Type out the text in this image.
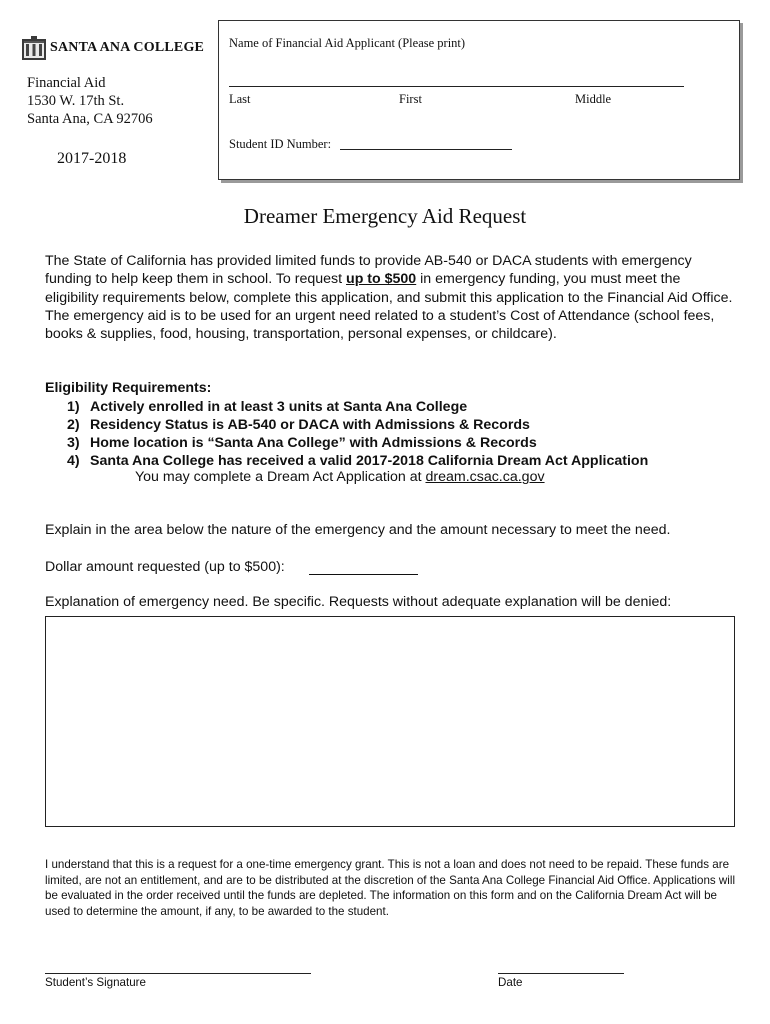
SANTA ANA COLLEGE
Financial Aid
1530 W. 17th St.
Santa Ana, CA 92706
2017-2018
Name of Financial Aid Applicant (Please print)
Last	First	Middle
Student ID Number:
Dreamer Emergency Aid Request
The State of California has provided limited funds to provide AB-540 or DACA students with emergency funding to help keep them in school. To request up to $500 in emergency funding, you must meet the eligibility requirements below, complete this application, and submit this application to the Financial Aid Office. The emergency aid is to be used for an urgent need related to a student’s Cost of Attendance (school fees, books & supplies, food, housing, transportation, personal expenses, or childcare).
Eligibility Requirements:
1) Actively enrolled in at least 3 units at Santa Ana College
2) Residency Status is AB-540 or DACA with Admissions & Records
3) Home location is “Santa Ana College” with Admissions & Records
4) Santa Ana College has received a valid 2017-2018 California Dream Act Application
You may complete a Dream Act Application at dream.csac.ca.gov
Explain in the area below the nature of the emergency and the amount necessary to meet the need.
Dollar amount requested (up to $500):
Explanation of emergency need. Be specific. Requests without adequate explanation will be denied:
I understand that this is a request for a one-time emergency grant. This is not a loan and does not need to be repaid. These funds are limited, are not an entitlement, and are to be distributed at the discretion of the Santa Ana College Financial Aid Office. Applications will be evaluated in the order received until the funds are depleted. The information on this form and on the California Dream Act will be used to determine the amount, if any, to be awarded to the student.
Student’s Signature	Date
